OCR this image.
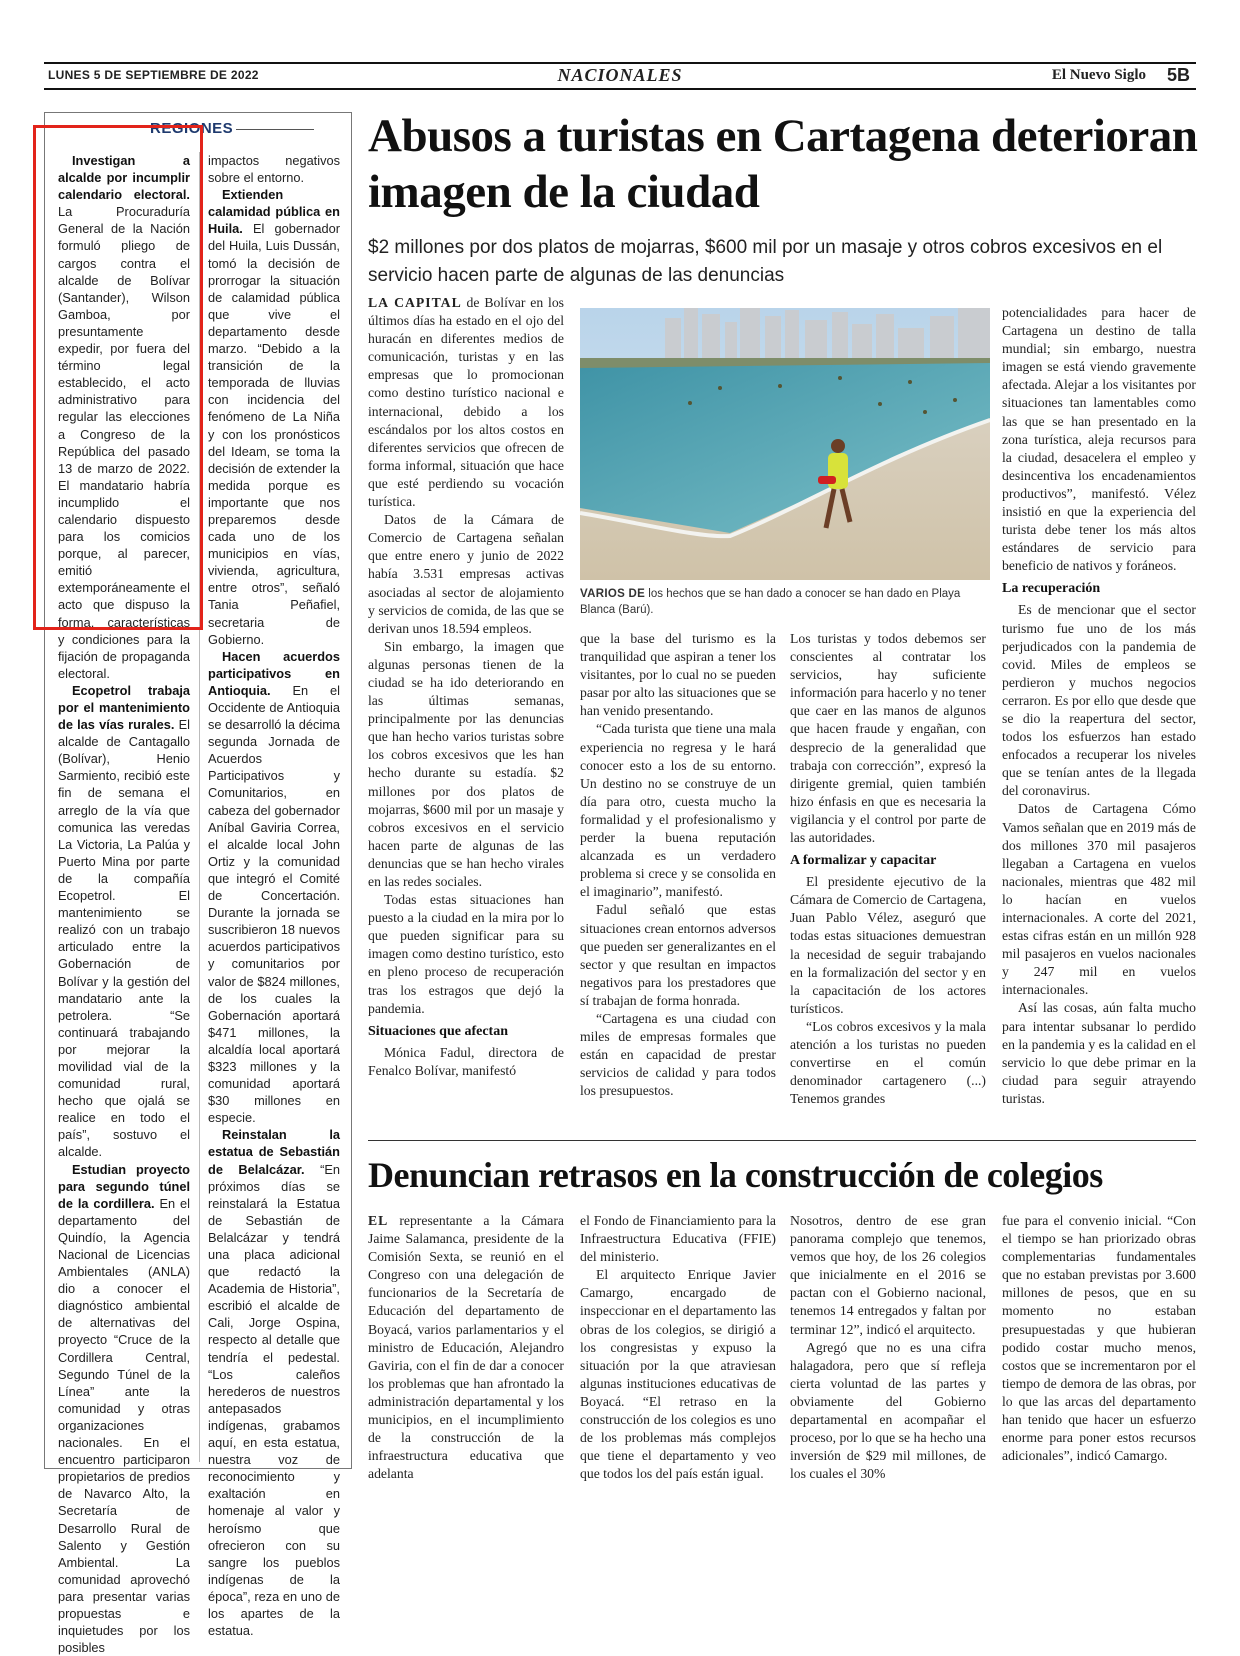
LUNES 5 DE SEPTIEMBRE DE 2022	NACIONALES	El Nuevo Siglo 5B
REGIONES

Investigan a alcalde por incumplir calendario electoral. La Procuraduría General de la Nación formuló pliego de cargos contra el alcalde de Bolívar (Santander), Wilson Gamboa, por presuntamente expedir, por fuera del término legal establecido, el acto administrativo para regular las elecciones a Congreso de la República del pasado 13 de marzo de 2022. El mandatario habría incumplido el calendario dispuesto para los comicios porque, al parecer, emitió extemporáneamente el acto que dispuso la forma, características y condiciones para la fijación de propaganda electoral.

Ecopetrol trabaja por el mantenimiento de las vías rurales. El alcalde de Cantagallo (Bolívar), Henio Sarmiento, recibió este fin de semana el arreglo de la vía que comunica las veredas La Victoria, La Palúa y Puerto Mina por parte de la compañía Ecopetrol. El mantenimiento se realizó con un trabajo articulado entre la Gobernación de Bolívar y la gestión del mandatario ante la petrolera. “Se continuará trabajando por mejorar la movilidad vial de la comunidad rural, hecho que ojalá se realice en todo el país”, sostuvo el alcalde.

Estudian proyecto para segundo túnel de la cordillera. En el departamento del Quindío, la Agencia Nacional de Licencias Ambientales (ANLA) dio a conocer el diagnóstico ambiental de alternativas del proyecto “Cruce de la Cordillera Central, Segundo Túnel de la Línea” ante la comunidad y otras organizaciones nacionales. En el encuentro participaron propietarios de predios de Navarco Alto, la Secretaría de Desarrollo Rural de Salento y Gestión Ambiental. La comunidad aprovechó para presentar varias propuestas e inquietudes por los posibles

impactos negativos sobre el entorno.

Extienden calamidad pública en Huila. El gobernador del Huila, Luis Dussán, tomó la decisión de prorrogar la situación de calamidad pública que vive el departamento desde marzo. “Debido a la transición de la temporada de lluvias con incidencia del fenómeno de La Niña y con los pronósticos del Ideam, se toma la decisión de extender la medida porque es importante que nos preparemos desde cada uno de los municipios en vías, vivienda, agricultura, entre otros”, señaló Tania Peñafiel, secretaria de Gobierno.

Hacen acuerdos participativos en Antioquia. En el Occidente de Antioquia se desarrolló la décima segunda Jornada de Acuerdos Participativos y Comunitarios, en cabeza del gobernador Aníbal Gaviria Correa, el alcalde local John Ortiz y la comunidad que integró el Comité de Concertación. Durante la jornada se suscribieron 18 nuevos acuerdos participativos y comunitarios por valor de $824 millones, de los cuales la Gobernación aportará $471 millones, la alcaldía local aportará $323 millones y la comunidad aportará $30 millones en especie.

Reinstalan la estatua de Sebastián de Belalcázar. “En próximos días se reinstalará la Estatua de Sebastián de Belalcázar y tendrá una placa adicional que redactó la Academia de Historia”, escribió el alcalde de Cali, Jorge Ospina, respecto al detalle que tendría el pedestal. “Los caleños herederos de nuestros antepasados indígenas, grabamos aquí, en esta estatua, nuestra voz de reconocimiento y exaltación en homenaje al valor y heroísmo que ofrecieron con su sangre los pueblos indígenas de la época”, reza en uno de los apartes de la estatua.

Abusos a turistas en Cartagena deterioran imagen de la ciudad

$2 millones por dos platos de mojarras, $600 mil por un masaje y otros cobros excesivos en el servicio hacen parte de algunas de las denuncias

LA CAPITAL de Bolívar en los últimos días ha estado en el ojo del huracán en diferentes medios de comunicación, turistas y en las empresas que lo promocionan como destino turístico nacional e internacional, debido a los escándalos por los altos costos en diferentes servicios que ofrecen de forma informal, situación que hace que esté perdiendo su vocación turística.

Datos de la Cámara de Comercio de Cartagena señalan que entre enero y junio de 2022 había 3.531 empresas activas asociadas al sector de alojamiento y servicios de comida, de las que se derivan unos 18.594 empleos.

Sin embargo, la imagen que algunas personas tienen de la ciudad se ha ido deteriorando en las últimas semanas, principalmente por las denuncias que han hecho varios turistas sobre los cobros excesivos que les han hecho durante su estadía. $2 millones por dos platos de mojarras, $600 mil por un masaje y cobros excesivos en el servicio hacen parte de algunas de las denuncias que se han hecho virales en las redes sociales.

Todas estas situaciones han puesto a la ciudad en la mira por lo que pueden significar para su imagen como destino turístico, esto en pleno proceso de recuperación tras los estragos que dejó la pandemia.

Situaciones que afectan

Mónica Fadul, directora de Fenalco Bolívar, manifestó

VARIOS DE los hechos que se han dado a conocer se han dado en Playa Blanca (Barú).

que la base del turismo es la tranquilidad que aspiran a tener los visitantes, por lo cual no se pueden pasar por alto las situaciones que se han venido presentando.

“Cada turista que tiene una mala experiencia no regresa y le hará conocer esto a los de su entorno. Un destino no se construye de un día para otro, cuesta mucho la formalidad y el profesionalismo y perder la buena reputación alcanzada es un verdadero problema si crece y se consolida en el imaginario”, manifestó.

Fadul señaló que estas situaciones crean entornos adversos que pueden ser generalizantes en el sector y que resultan en impactos negativos para los prestadores que sí trabajan de forma honrada.

“Cartagena es una ciudad con miles de empresas formales que están en capacidad de prestar servicios de calidad y para todos los presupuestos.

Los turistas y todos debemos ser conscientes al contratar los servicios, hay suficiente información para hacerlo y no tener que caer en las manos de algunos que hacen fraude y engañan, con desprecio de la generalidad que trabaja con corrección”, expresó la dirigente gremial, quien también hizo énfasis en que es necesaria la vigilancia y el control por parte de las autoridades.

A formalizar y capacitar

El presidente ejecutivo de la Cámara de Comercio de Cartagena, Juan Pablo Vélez, aseguró que todas estas situaciones demuestran la necesidad de seguir trabajando en la formalización del sector y en la capacitación de los actores turísticos.

“Los cobros excesivos y la mala atención a los turistas no pueden convertirse en el común denominador cartagenero (...) Tenemos grandes

potencialidades para hacer de Cartagena un destino de talla mundial; sin embargo, nuestra imagen se está viendo gravemente afectada. Alejar a los visitantes por situaciones tan lamentables como las que se han presentado en la zona turística, aleja recursos para la ciudad, desacelera el empleo y desincentiva los encadenamientos productivos”, manifestó. Vélez insistió en que la experiencia del turista debe tener los más altos estándares de servicio para beneficio de nativos y foráneos.

La recuperación

Es de mencionar que el sector turismo fue uno de los más perjudicados con la pandemia de covid. Miles de empleos se perdieron y muchos negocios cerraron. Es por ello que desde que se dio la reapertura del sector, todos los esfuerzos han estado enfocados a recuperar los niveles que se tenían antes de la llegada del coronavirus.

Datos de Cartagena Cómo Vamos señalan que en 2019 más de dos millones 370 mil pasajeros llegaban a Cartagena en vuelos nacionales, mientras que 482 mil lo hacían en vuelos internacionales. A corte del 2021, estas cifras están en un millón 928 mil pasajeros en vuelos nacionales y 247 mil en vuelos internacionales.

Así las cosas, aún falta mucho para intentar subsanar lo perdido en la pandemia y es la calidad en el servicio lo que debe primar en la ciudad para seguir atrayendo turistas.

Denuncian retrasos en la construcción de colegios

EL representante a la Cámara Jaime Salamanca, presidente de la Comisión Sexta, se reunió en el Congreso con una delegación de funcionarios de la Secretaría de Educación del departamento de Boyacá, varios parlamentarios y el ministro de Educación, Alejandro Gaviria, con el fin de dar a conocer los problemas que han afrontado la administración departamental y los municipios, en el incumplimiento de la construcción de la infraestructura educativa que adelanta

el Fondo de Financiamiento para la Infraestructura Educativa (FFIE) del ministerio.

El arquitecto Enrique Javier Camargo, encargado de inspeccionar en el departamento las obras de los colegios, se dirigió a los congresistas y expuso la situación por la que atraviesan algunas instituciones educativas de Boyacá. “El retraso en la construcción de los colegios es uno de los problemas más complejos que tiene el departamento y veo que todos los del país están igual.

Nosotros, dentro de ese gran panorama complejo que tenemos, vemos que hoy, de los 26 colegios que inicialmente en el 2016 se pactan con el Gobierno nacional, tenemos 14 entregados y faltan por terminar 12”, indicó el arquitecto.

Agregó que no es una cifra halagadora, pero que sí refleja cierta voluntad de las partes y obviamente del Gobierno departamental en acompañar el proceso, por lo que se ha hecho una inversión de $29 mil millones, de los cuales el 30%

fue para el convenio inicial. “Con el tiempo se han priorizado obras complementarias fundamentales que no estaban previstas por 3.600 millones de pesos, que en su momento no estaban presupuestadas y que hubieran podido costar mucho menos, costos que se incrementaron por el tiempo de demora de las obras, por lo que las arcas del departamento han tenido que hacer un esfuerzo enorme para poner estos recursos adicionales”, indicó Camargo.
